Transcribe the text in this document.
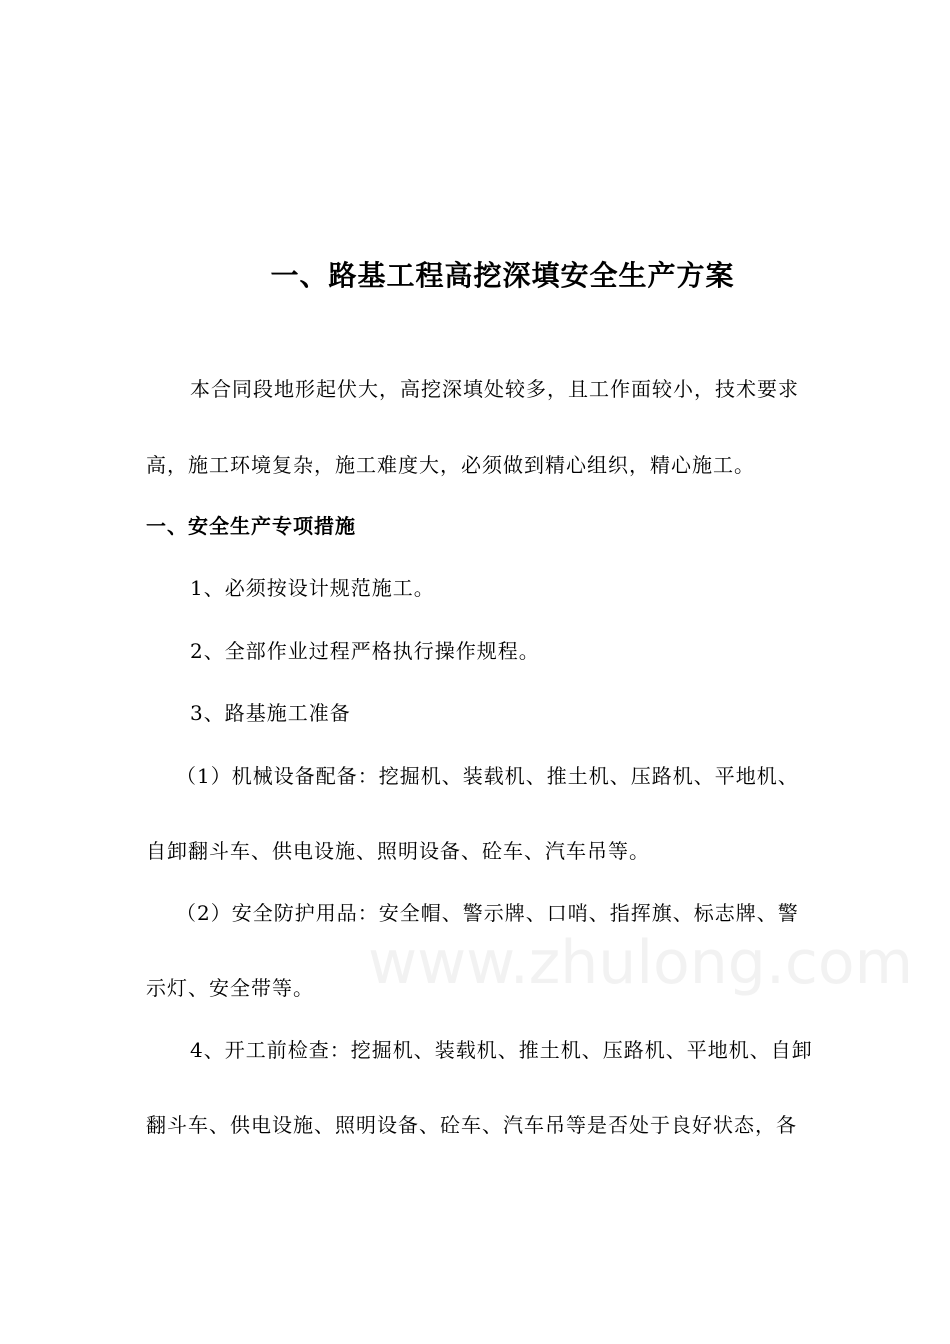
一、路基工程高挖深填安全生产方案
本合同段地形起伏大，高挖深填处较多，且工作面较小，技术要求
高，施工环境复杂，施工难度大，必须做到精心组织，精心施工。
一、安全生产专项措施
1、必须按设计规范施工。
2、全部作业过程严格执行操作规程。
3、路基施工准备
（1）机械设备配备：挖掘机、装载机、推土机、压路机、平地机、
自卸翻斗车、供电设施、照明设备、砼车、汽车吊等。
www.zhulong.com
（2）安全防护用品：安全帽、警示牌、口哨、指挥旗、标志牌、警
示灯、安全带等。
4、开工前检查：挖掘机、装载机、推土机、压路机、平地机、自卸
翻斗车、供电设施、照明设备、砼车、汽车吊等是否处于良好状态，各
